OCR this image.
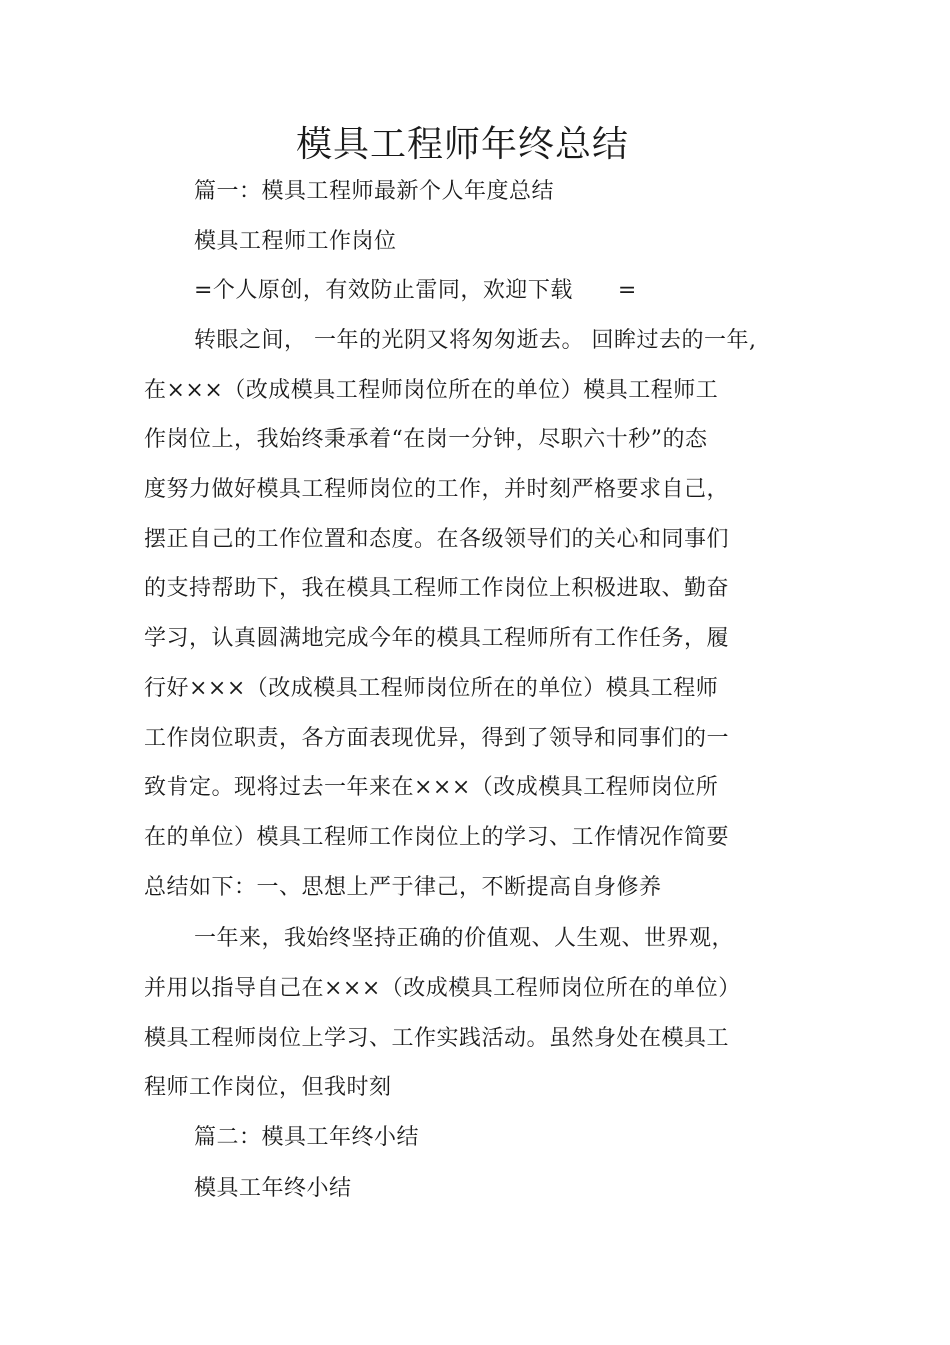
模具工程师年终总结
篇一：模具工程师最新个人年度总结
模具工程师工作岗位
=个人原创，有效防止雷同，欢迎下载　　=
转眼之间， 一年的光阴又将匆匆逝去。 回眸过去的一年,
在×××（改成模具工程师岗位所在的单位）模具工程师工
作岗位上，我始终秉承着“在岗一分钟，尽职六十秒”的态
度努力做好模具工程师岗位的工作，并时刻严格要求自己，
摆正自己的工作位置和态度。在各级领导们的关心和同事们
的支持帮助下，我在模具工程师工作岗位上积极进取、勤奋
学习，认真圆满地完成今年的模具工程师所有工作任务，履
行好×××（改成模具工程师岗位所在的单位）模具工程师
工作岗位职责，各方面表现优异，得到了领导和同事们的一
致肯定。现将过去一年来在×××（改成模具工程师岗位所
在的单位）模具工程师工作岗位上的学习、工作情况作简要
总结如下：一、思想上严于律己，不断提高自身修养
一年来，我始终坚持正确的价值观、人生观、世界观，
并用以指导自己在×××（改成模具工程师岗位所在的单位）
模具工程师岗位上学习、工作实践活动。虽然身处在模具工
程师工作岗位，但我时刻
篇二：模具工年终小结
模具工年终小结
